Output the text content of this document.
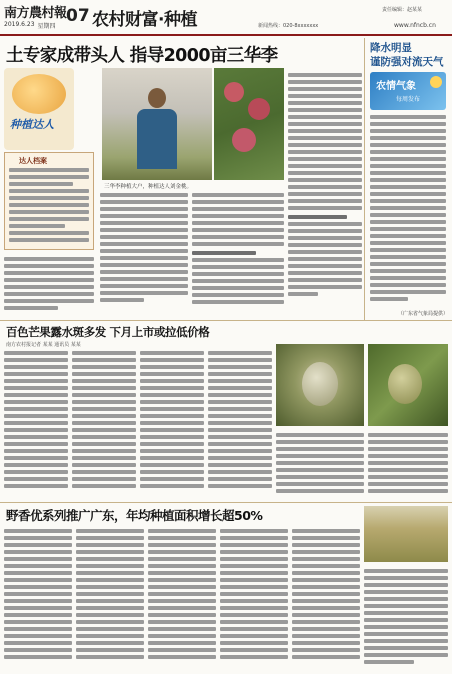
南方農村報
2019.6.23 星期四
07 农村财富·种植	责任编辑：赵某某
新闻热线：020-8xxxxxxx	www.nfncb.cn
土专家成带头人 指导2000亩三华李
种植达人
达人档案
三华李种植大户，种植达人刘金桃。
降水明显
谨防强对流天气
农情气象
每周发布
（广东省气象局提供）
百色芒果露水斑多发 下月上市或拉低价格
南方农村报记者 某某 通讯员 某某
野香优系列推广广东，年均种植面积增长超50%
